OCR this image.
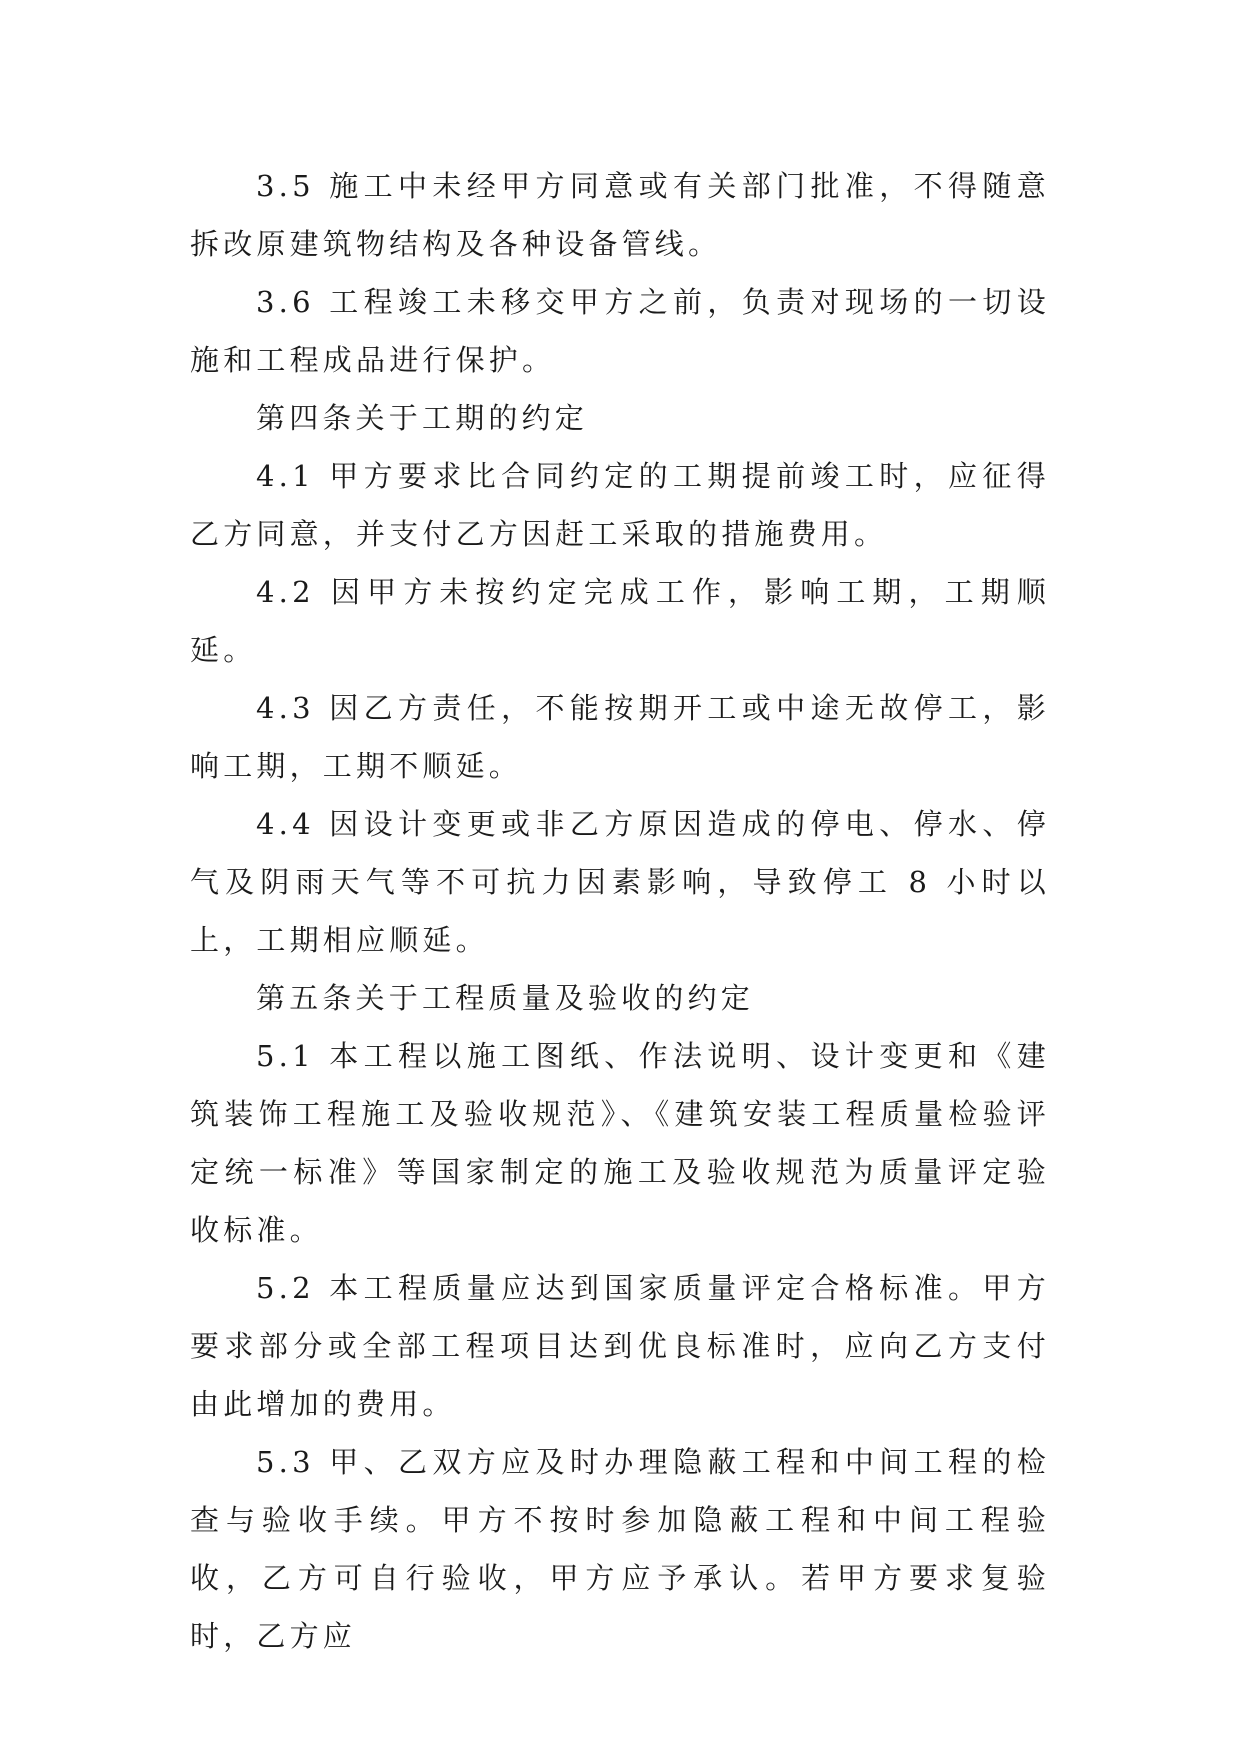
3.5 施工中未经甲方同意或有关部门批准，不得随意拆改原建筑物结构及各种设备管线。

3.6 工程竣工未移交甲方之前，负责对现场的一切设施和工程成品进行保护。

第四条关于工期的约定

4.1 甲方要求比合同约定的工期提前竣工时，应征得乙方同意，并支付乙方因赶工采取的措施费用。

4.2 因甲方未按约定完成工作，影响工期，工期顺延。

4.3 因乙方责任，不能按期开工或中途无故停工，影响工期，工期不顺延。

4.4 因设计变更或非乙方原因造成的停电、停水、停气及阴雨天气等不可抗力因素影响，导致停工 8 小时以上，工期相应顺延。

第五条关于工程质量及验收的约定

5.1 本工程以施工图纸、作法说明、设计变更和《建筑装饰工程施工及验收规范》、《建筑安装工程质量检验评定统一标准》等国家制定的施工及验收规范为质量评定验收标准。

5.2 本工程质量应达到国家质量评定合格标准。甲方要求部分或全部工程项目达到优良标准时，应向乙方支付由此增加的费用。

5.3 甲、乙双方应及时办理隐蔽工程和中间工程的检查与验收手续。甲方不按时参加隐蔽工程和中间工程验收，乙方可自行验收，甲方应予承认。若甲方要求复验时，乙方应
